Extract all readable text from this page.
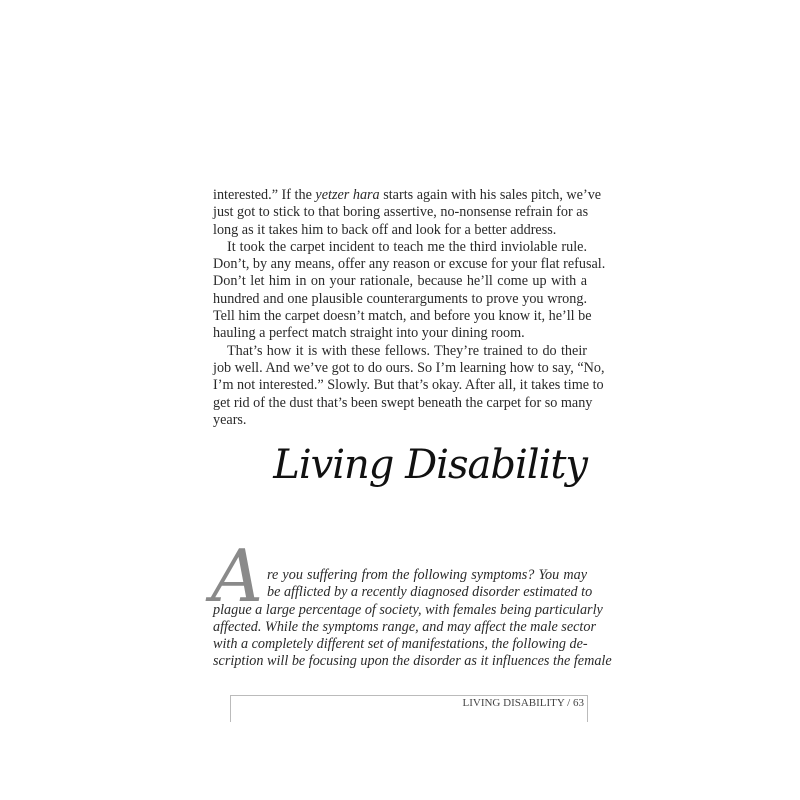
interested.” If the yetzer hara starts again with his sales pitch, we’ve
just got to stick to that boring assertive, no-nonsense refrain for as
long as it takes him to back off and look for a better address.
It took the carpet incident to teach me the third inviolable rule.
Don’t, by any means, offer any reason or excuse for your flat refusal.
Don’t let him in on your rationale, because he’ll come up with a
hundred and one plausible counterarguments to prove you wrong.
Tell him the carpet doesn’t match, and before you know it, he’ll be
hauling a perfect match straight into your dining room.
That’s how it is with these fellows. They’re trained to do their
job well. And we’ve got to do ours. So I’m learning how to say, “No,
I’m not interested.” Slowly. But that’s okay. After all, it takes time to
get rid of the dust that’s been swept beneath the carpet for so many
years.
Living Disability
A re you suffering from the following symptoms? You may
be afflicted by a recently diagnosed disorder estimated to
plague a large percentage of society, with females being particularly
affected. While the symptoms range, and may affect the male sector
with a completely different set of manifestations, the following de-
scription will be focusing upon the disorder as it influences the female
LIVING DISABILITY / 63
